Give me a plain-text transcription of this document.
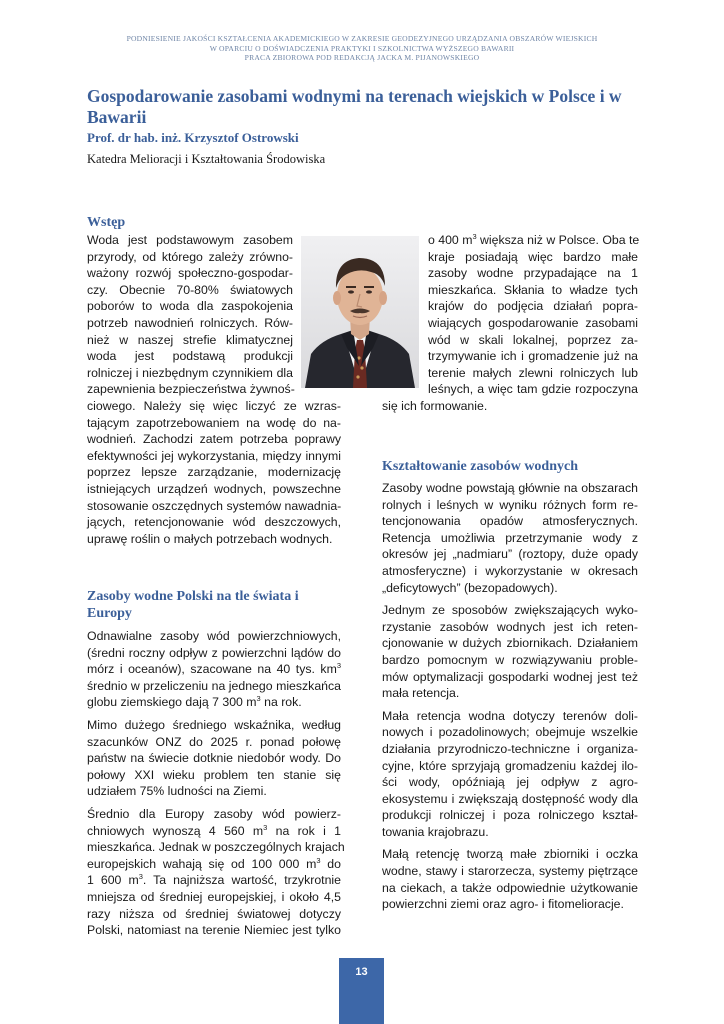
PODNIESIENIE JAKOŚCI KSZTAŁCENIA AKADEMICKIEGO W ZAKRESIE GEODEZYJNEGO URZĄDZANIA OBSZARÓW WIEJSKICH
W OPARCIU O DOŚWIADCZENIA PRAKTYKI I SZKOLNICTWA WYŻSZEGO BAWARII
PRACA ZBIOROWA POD REDAKCJĄ JACKA M. PIJANOWSKIEGO
Gospodarowanie zasobami wodnymi na terenach wiejskich w Polsce i w
Bawarii
Prof. dr hab. inż. Krzysztof Ostrowski
Katedra Melioracji i Kształtowania Środowiska
Wstęp
Woda jest podstawowym zasobem
przyrody, od którego zależy zrówno-
ważony rozwój społeczno-gospodar-
czy. Obecnie 70-80% światowych
poborów to woda dla zaspokojenia
potrzeb nawodnień rolniczych. Rów-
nież w naszej strefie klimatycznej
woda jest podstawą produkcji
rolniczej i niezbędnym czynnikiem dla
zapewnienia bezpieczeństwa żywnoś-
ciowego. Należy się więc liczyć ze wzras-
tającym zapotrzebowaniem na wodę do na-
wodnień. Zachodzi zatem potrzeba poprawy
efektywności jej wykorzystania, między innymi
poprzez lepsze zarządzanie, modernizację
istniejących urządzeń wodnych, powszechne
stosowanie oszczędnych systemów nawadnia-
jących, retencjonowanie wód deszczowych,
uprawę roślin o małych potrzebach wodnych.
o 400 $m^3$ większa niż w Polsce. Oba te
kraje posiadają więc bardzo małe
zasoby wodne przypadające na 1
mieszkańca. Skłania to władze tych
krajów do podjęcia działań popra-
wiających gospodarowanie zasobami
wód w skali lokalnej, poprzez za-
trzymywanie ich i gromadzenie już na
terenie małych zlewni rolniczych lub
leśnych, a więc tam gdzie rozpoczyna
się ich formowanie.
Zasoby wodne Polski na tle świata i
Europy

Odnawialne zasoby wód powierzchniowych,
(średni roczny odpływ z powierzchni lądów do
mórz i oceanów), szacowane na 40 tys. $km^3$
średnio w przeliczeniu na jednego mieszkańca
globu ziemskiego dają 7 300 $m^3$ na rok.

Mimo dużego średniego wskaźnika, według
szacunków ONZ do 2025 r. ponad połowę
państw na świecie dotknie niedobór wody. Do
połowy XXI wieku problem ten stanie się
udziałem 75% ludności na Ziemi.

Średnio dla Europy zasoby wód powierz-
chniowych wynoszą 4 560 $m^3$ na rok i 1
mieszkańca. Jednak w poszczególnych krajach
europejskich wahają się od 100 000 $m^3$ do
1 600 $m^3$. Ta najniższa wartość, trzykrotnie
mniejsza od średniej europejskiej, i około 4,5
razy niższa od średniej światowej dotyczy
Polski, natomiast na terenie Niemiec jest tylko

Kształtowanie zasobów wodnych

Zasoby wodne powstają głównie na obszarach
rolnych i leśnych w wyniku różnych form re-
tencjonowania opadów atmosferycznych.
Retencja umożliwia przetrzymanie wody z
okresów jej „nadmiaru” (roztopy, duże opady
atmosferyczne) i wykorzystanie w okresach
„deficytowych” (bezopadowych).

Jednym ze sposobów zwiększających wyko-
rzystanie zasobów wodnych jest ich reten-
cjonowanie w dużych zbiornikach. Działaniem
bardzo pomocnym w rozwiązywaniu proble-
mów optymalizacji gospodarki wodnej jest też
mała retencja.

Mała retencja wodna dotyczy terenów doli-
nowych i pozadolinowych; obejmuje wszelkie
działania przyrodniczo-techniczne i organiza-
cyjne, które sprzyjają gromadzeniu każdej ilo-
ści wody, opóźniają jej odpływ z agro-
ekosystemu i zwiększają dostępność wody dla
produkcji rolniczej i poza rolniczego kształ-
towania krajobrazu.

Małą retencję tworzą małe zbiorniki i oczka
wodne, stawy i starorzecza, systemy piętrzące
na ciekach, a także odpowiednie użytkowanie
powierzchni ziemi oraz agro- i fitomelioracje.

13
